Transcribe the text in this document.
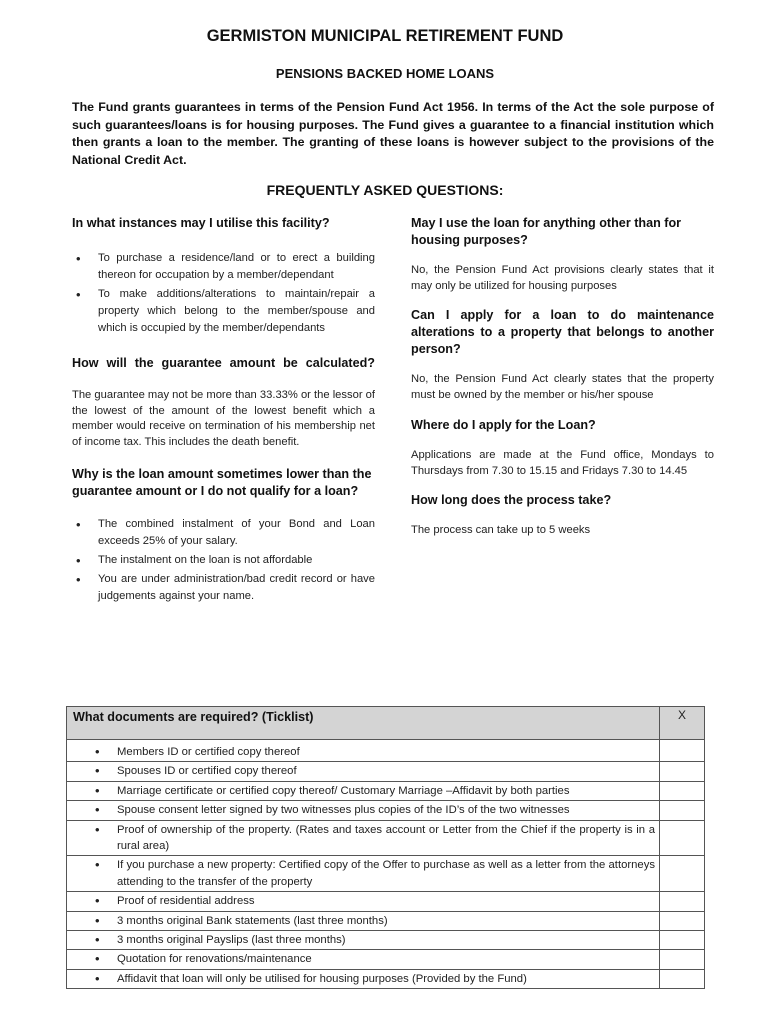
GERMISTON MUNICIPAL RETIREMENT FUND
PENSIONS BACKED HOME LOANS
The Fund grants guarantees in terms of the Pension Fund Act 1956. In terms of the Act the sole purpose of such guarantees/loans is for housing purposes. The Fund gives a guarantee to a financial institution which then grants a loan to the member. The granting of these loans is however subject to the provisions of the National Credit Act.
FREQUENTLY ASKED QUESTIONS:

In what instances may I utilise this facility?

• To purchase a residence/land or to erect a building thereon for occupation by a member/dependant
• To make additions/alterations to maintain/repair a property which belong to the member/spouse and which is occupied by the member/dependants

How will the guarantee amount be calculated?

The guarantee may not be more than 33.33% or the lessor of the lowest of the amount of the lowest benefit which a member would receive on termination of his membership net of income tax. This includes the death benefit.

Why is the loan amount sometimes lower than the guarantee amount or I do not qualify for a loan?

• The combined instalment of your Bond and Loan exceeds 25% of your salary.
• The instalment on the loan is not affordable
• You are under administration/bad credit record or have judgements against your name.

May I use the loan for anything other than for housing purposes?

No, the Pension Fund Act provisions clearly states that it may only be utilized for housing purposes

Can I apply for a loan to do maintenance alterations to a property that belongs to another person?

No, the Pension Fund Act clearly states that the property must be owned by the member or his/her spouse

Where do I apply for the Loan?

Applications are made at the Fund office, Mondays to Thursdays from 7.30 to 15.15 and Fridays 7.30 to 14.45

How long does the process take?

The process can take up to 5 weeks

What documents are required? (Ticklist)	X

• Members ID or certified copy thereof	

• Spouses ID or certified copy thereof	

• Marriage certificate or certified copy thereof/ Customary Marriage –Affidavit by both parties	

• Spouse consent letter signed by two witnesses plus copies of the ID’s of the two witnesses	

• Proof of ownership of the property. (Rates and taxes account or Letter from the Chief if the property is in a rural area)	

• If you purchase a new property: Certified copy of the Offer to purchase as well as a letter from the attorneys attending to the transfer of the property	

• Proof of residential address	

• 3 months original Bank statements (last three months)	

• 3 months original Payslips (last three months)	

• Quotation for renovations/maintenance	

• Affidavit that loan will only be utilised for housing purposes (Provided by the Fund)	
